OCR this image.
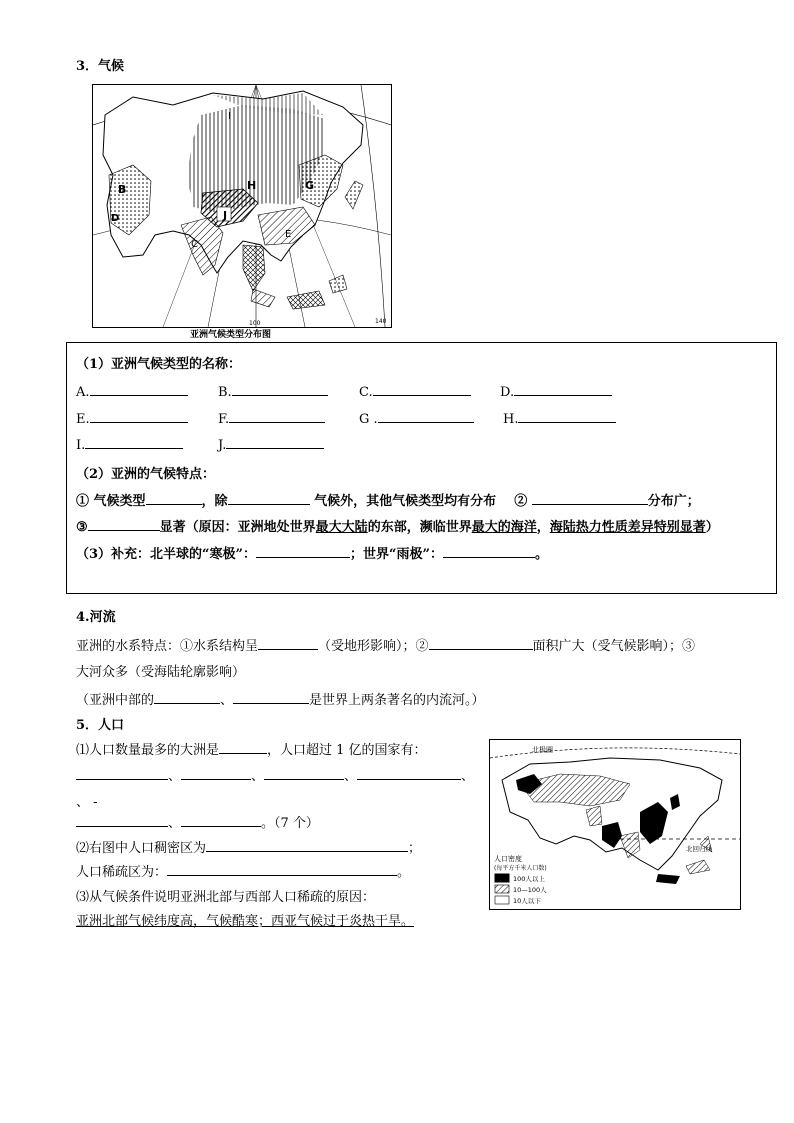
3．气候
I
B
D	J
H	G
C
E
100	140
亚洲气候类型分布图
（1）亚洲气候类型的名称：
A.	B.	C.	D.
E.	F.	G .	H.
I.	J.
（2）亚洲的气候特点：
① 气候类型	，除	气候外，其他气候类型均有分布 ②	分布广；
③	显著（原因：亚洲地处世界最大大陆的东部，濒临世界最大的海洋，海陆热力性质差异特别显著）
（3）补充：北半球的“寒极”：	；世界“雨极”：	。
4.河流
亚洲的水系特点：①水系结构呈	（受地形影响）；②	面积广大（受气候影响）；③
大河众多（受海陆轮廓影响）
（亚洲中部的	、	是世界上两条著名的内流河。）
5．人口
⑴人口数量最多的大洲是	，人口超过 1 亿的国家有：
、	、	、	、
、 -
、	。（7 个）
⑵右图中人口稠密区为	；
人口稀疏区为：	。
⑶从气候条件说明亚洲北部与西部人口稀疏的原因：
亚洲北部气候纬度高，气候酷寒；西亚气候过于炎热干旱。
北极圈
北回归线
人口密度
(每平方千米人口数)
100人以上
10—100人
10人以下
